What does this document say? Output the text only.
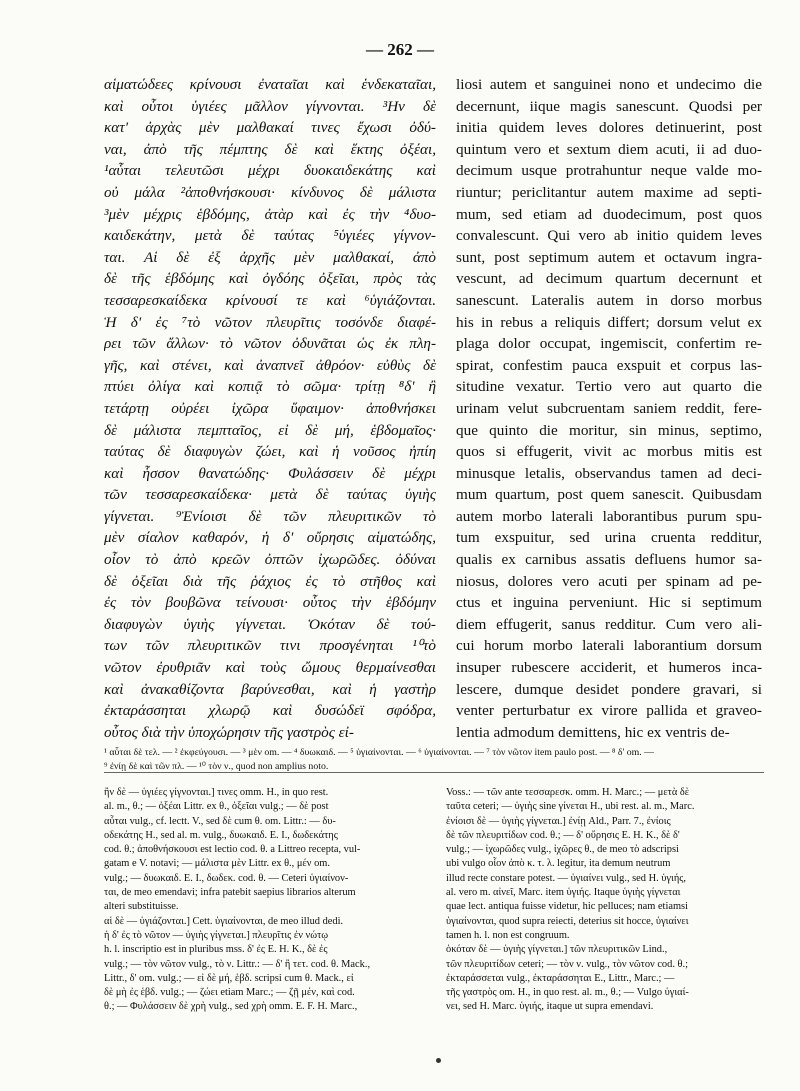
— 262 —
αἱματώδεες κρίνουσι ἐναταῖαι καὶ ἑνδεκαταῖαι,
καὶ οὗτοι ὑγιέες μᾶλλον γίγνονται. ³Ην δὲ
κατ' ἀρχὰς μὲν μαλθακαί τινες ἔχωσι ὀδύ-
ναι, ἀπὸ τῆς πέμπτης δὲ καὶ ἕκτης ὀξέαι,
¹αὗται τελευτῶσι μέχρι δυοκαιδεκάτης καὶ
οὐ μάλα ²ἀποθνήσκουσι· κίνδυνος δὲ μάλιστα
³μὲν μέχρις ἑβδόμης, ἀτὰρ καὶ ἐς τὴν ⁴δυο-
καιδεκάτην, μετὰ δὲ ταύτας ⁵ὑγιέες γίγνον-
ται. Αἱ δὲ ἐξ ἀρχῆς μὲν μαλθακαί, ἀπὸ
δὲ τῆς ἑβδόμης καὶ ὀγδόης ὀξεῖαι, πρὸς τὰς
τεσσαρεσκαίδεκα κρίνουσί τε καὶ ⁶ὑγιάζονται.
Ἡ δ' ἐς ⁷τὸ νῶτον πλευρῖτις τοσόνδε διαφέ-
ρει τῶν ἄλλων· τὸ νῶτον ὀδυνᾶται ὡς ἐκ πλη-
γῆς, καὶ στένει, καὶ ἀναπνεῖ ἀθρόον· εὐθὺς δὲ
πτύει ὀλίγα καὶ κοπιᾷ τὸ σῶμα· τρίτῃ ⁸δ' ἢ
τετάρτῃ οὐρέει ἰχῶρα ὕφαιμον· ἀποθνήσκει
δὲ μάλιστα πεμπταῖος, εἰ δὲ μή, ἑβδομαῖος·
ταύτας δὲ διαφυγὼν ζώει, καὶ ἡ νοῦσος ἠπίη
καὶ ἧσσον θανατώδης· Φυλάσσειν δὲ μέχρι
τῶν τεσσαρεσκαίδεκα· μετὰ δὲ ταύτας ὑγιὴς
γίγνεται. ⁹Ἐνίοισι δὲ τῶν πλευριτικῶν τὸ
μὲν σίαλον καθαρόν, ἡ δ' οὔρησις αἱματώδης,
οἷον τὸ ἀπὸ κρεῶν ὀπτῶν ἰχωρῶδες. ὀδύναι
δὲ ὀξεῖαι διὰ τῆς ῥάχιος ἐς τὸ στῆθος καὶ
ἐς τὸν βουβῶνα τείνουσι· οὗτος τὴν ἑβδόμην
διαφυγὼν ὑγιὴς γίγνεται. Ὁκόταν δὲ τού-
των τῶν πλευριτικῶν τινι προσγένηται ¹⁰τὸ
νῶτον ἐρυθριᾶν καὶ τοὺς ὤμους θερμαίνεσθαι
καὶ ἀνακαθίζοντα βαρύνεσθαι, καὶ ἡ γαστὴρ
ἐκταράσσηται χλωρῷ καὶ δυσώδεϊ σφόδρα,
οὗτος διὰ τὴν ὑποχώρησιν τῆς γαστρὸς εἰ-
liosi autem et sanguinei nono et undecimo die
decernunt, iique magis sanescunt. Quodsi per
initia quidem leves dolores detinuerint, post
quintum vero et sextum diem acuti, ii ad duo-
decimum usque protrahuntur neque valde mo-
riuntur; periclitantur autem maxime ad septi-
mum, sed etiam ad duodecimum, post quos
convalescunt. Qui vero ab initio quidem leves
sunt, post septimum autem et octavum ingra-
vescunt, ad decimum quartum decernunt et
sanescunt. Lateralis autem in dorso morbus
his in rebus a reliquis differt; dorsum velut ex
plaga dolor occupat, ingemiscit, confertim re-
spirat, confestim pauca exspuit et corpus las-
situdine vexatur. Tertio vero aut quarto die
urinam velut subcruentam saniem reddit, fere-
que quinto die moritur, sin minus, septimo,
quos si effugerit, vivit ac morbus mitis est
minusque letalis, observandus tamen ad deci-
mum quartum, post quem sanescit. Quibusdam
autem morbo laterali laborantibus purum spu-
tum exspuitur, sed urina cruenta redditur,
qualis ex carnibus assatis defluens humor sa-
niosus, dolores vero acuti per spinam ad pe-
ctus et inguina perveniunt. Hic si septimum
diem effugerit, sanus redditur. Cum vero ali-
cui horum morbo laterali laborantium dorsum
insuper rubescere acciderit, et humeros inca-
lescere, dumque desidet pondere gravari, si
venter perturbatur ex virore pallida et graveo-
lentia admodum demittens, hic ex ventris de-
¹ αὗται δὲ τελ. — ² ἐκφεύγουσι. — ³ μὲν om. — ⁴ δυωκαιδ. — ⁵ ὑγιαίνονται. — ⁶ ὑγιαίνονται. — ⁷ τὸν νῶτον item paulo post. — ⁸ δ' om. —
⁹ ἐνίῃ δὲ καὶ τῶν πλ. — ¹⁰ τὸν ν., quod non amplius noto.
ἢν δὲ — ὑγιέες γίγνονται.] τινες omm. H., in quo rest.
al. m., θ.; — ὀξέαι Littr. ex θ., ὀξεῖαι vulg.; — δὲ post
αὗται vulg., cf. lectt. V., sed δὲ cum θ. om. Littr.: — δυ-
οδεκάτης H., sed al. m. vulg., δυωκαιδ. E. I., δωδεκάτης
cod. θ.; ἀποθνήσκουσι est lectio cod. θ. a Littreo recepta, vul-
gatam e V. notavi; — μάλιστα μὲν Littr. ex θ., μέν om.
vulg.; — δυωκαιδ. E. I., δωδεκ. cod. θ. — Ceteri ὑγιαίνον-
ται, de meo emendavi; infra patebit saepius librarios alterum
alteri substituisse.
αἱ δὲ — ὑγιάζονται.] Cett. ὑγιαίνονται, de meo illud dedi.
ἡ δ' ἐς τὸ νῶτον — ὑγιὴς γίγνεται.] πλευρῖτις ἐν νώτῳ
h. l. inscriptio est in pluribus mss. δ' ἐς E. H. K., δὲ ἐς
vulg.; — τὸν νῶτον vulg., τὸ ν. Littr.: — δ' ἢ τετ. cod. θ. Mack.,
Littr., δ' om. vulg.; — εἰ δὲ μή, ἑβδ. scripsi cum θ. Mack., εἰ
δὲ μὴ ἐς ἑβδ. vulg.; — ζώει etiam Marc.; — ζῇ μέν, καὶ cod.
θ.; — Φυλάσσειν δὲ χρὴ vulg., sed χρὴ omm. E. F. H. Marc.,
Voss.: — τῶν ante τεσσαρεσκ. omm. H. Marc.; — μετὰ δὲ
ταῦτα ceteri; — ὑγιὴς sine γίνεται H., ubi rest. al. m., Marc.
ἐνίοισι δὲ — ὑγιὴς γίγνεται.] ἐνίῃ Ald., Parr. 7., ἐνίοις
δὲ τῶν πλευριτίδων cod. θ.; — δ' οὔρησις E. H. K., δὲ δ'
vulg.; — ἰχωρῶδες vulg., ἰχῶρες θ., de meo τὸ adscripsi
ubi vulgo οἷον ἀπὸ κ. τ. λ. legitur, ita demum neutrum
illud recte constare potest. — ὑγιαίνει vulg., sed H. ὑγιής,
al. vero m. αἰνεῖ, Marc. item ὑγιής. Itaque ὑγιὴς γίγνεται
quae lect. antiqua fuisse videtur, hic pelluces; nam etiamsi
ὑγιαίνονται, quod supra reiecti, deterius sit hocce, ὑγιαίνει
tamen h. l. non est congruum.
ὁκόταν δὲ — ὑγιὴς γίγνεται.] τῶν πλευριτικῶν Lind.,
τῶν πλευριτίδων ceteri; — τὸν ν. vulg., τὸν νῶτον cod. θ.;
ἐκταράσσεται vulg., ἐκταράσσηται E., Littr., Marc.; —
τῆς γαστρὸς om. H., in quo rest. al. m., θ.; — Vulgo ὑγιαί-
νει, sed H. Marc. ὑγιής, itaque ut supra emendavi.
